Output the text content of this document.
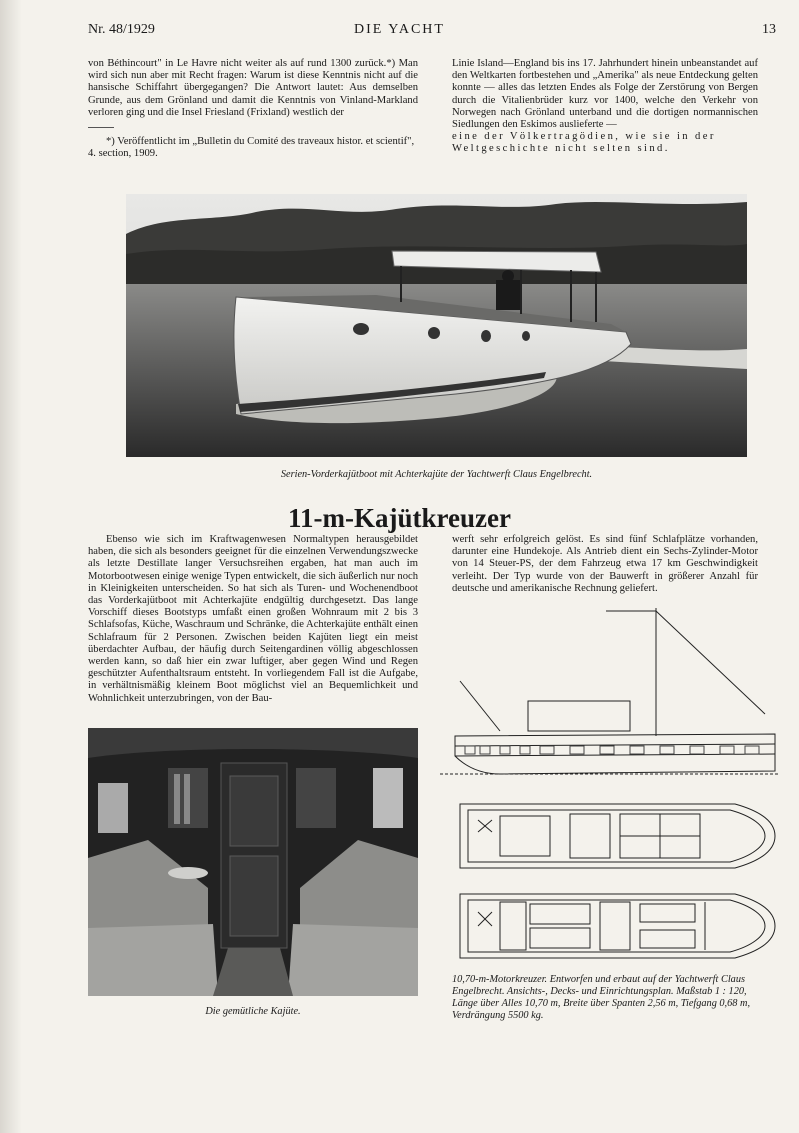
Nr. 48/1929	DIE YACHT	13

von Béthincourt" in Le Havre nicht weiter als auf rund 1300 zurück.*) Man wird sich nun aber mit Recht fragen: Warum ist diese Kenntnis nicht auf die hansische Schiffahrt übergegangen? Die Antwort lautet: Aus demselben Grunde, aus dem Grönland und damit die Kenntnis von Vinland-Markland verloren ging und die Insel Friesland (Frixland) westlich der

*) Veröffentlicht im „Bulletin du Comité des traveaux histor. et scientif", 4. section, 1909.

Linie Island—England bis ins 17. Jahrhundert hinein unbeanstandet auf den Weltkarten fortbestehen und „Amerika" als neue Entdeckung gelten konnte — alles das letzten Endes als Folge der Zerstörung von Bergen durch die Vitalienbrüder kurz vor 1400, welche den Verkehr von Norwegen nach Grönland unterband und die dortigen normannischen Siedlungen den Eskimos auslieferte —

eine der Völkertragödien, wie sie in der Weltgeschichte nicht selten sind.

Serien-Vorderkajütboot mit Achterkajüte der Yachtwerft Claus Engelbrecht.

11-m-Kajütkreuzer

Ebenso wie sich im Kraftwagenwesen Normaltypen herausgebildet haben, die sich als besonders geeignet für die einzelnen Verwendungszwecke als letzte Destillate langer Versuchsreihen ergaben, hat man auch im Motorbootwesen einige wenige Typen entwickelt, die sich äußerlich nur noch in Kleinigkeiten unterscheiden. So hat sich als Turen- und Wochenendboot das Vorderkajütboot mit Achterkajüte endgültig durchgesetzt. Das lange Vorschiff dieses Bootstyps umfaßt einen großen Wohnraum mit 2 bis 3 Schlafsofas, Küche, Waschraum und Schränke, die Achterkajüte enthält einen Schlafraum für 2 Personen. Zwischen beiden Kajüten liegt ein meist überdachter Aufbau, der häufig durch Seitengardinen völlig abgeschlossen werden kann, so daß hier ein zwar luftiger, aber gegen Wind und Regen geschützter Aufenthaltsraum entsteht. In vorliegendem Fall ist die Aufgabe, in verhältnismäßig kleinem Boot möglichst viel an Bequemlichkeit und Wohnlichkeit unterzubringen, von der Bau-

werft sehr erfolgreich gelöst. Es sind fünf Schlafplätze vorhanden, darunter eine Hundekoje. Als Antrieb dient ein Sechs-Zylinder-Motor von 14 Steuer-PS, der dem Fahrzeug etwa 17 km Geschwindigkeit verleiht. Der Typ wurde von der Bauwerft in größerer Anzahl für deutsche und amerikanische Rechnung geliefert.

Die gemütliche Kajüte.

10,70-m-Motorkreuzer. Entworfen und erbaut auf der Yachtwerft Claus Engelbrecht. Ansichts-, Decks- und Einrichtungsplan. Maßstab 1 : 120, Länge über Alles 10,70 m, Breite über Spanten 2,56 m, Tiefgang 0,68 m, Verdrängung 5500 kg.
